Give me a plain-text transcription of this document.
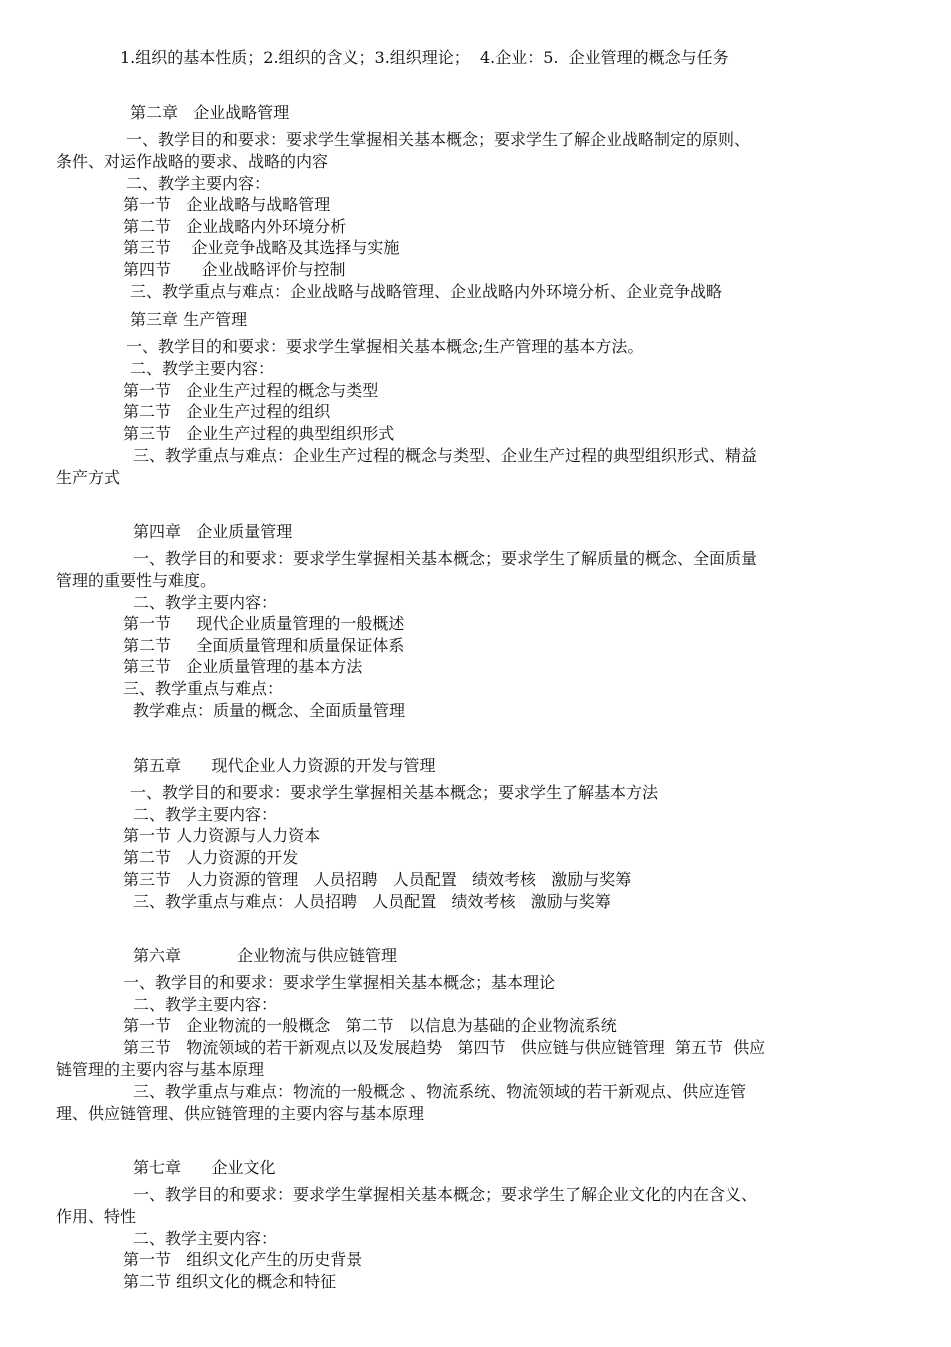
1.组织的基本性质；2.组织的含义；3.组织理论；  4.企业：5.  企业管理的概念与任务
第二章   企业战略管理
一、教学目的和要求：要求学生掌握相关基本概念；要求学生了解企业战略制定的原则、
条件、对运作战略的要求、战略的内容
二、教学主要内容：
第一节   企业战略与战略管理
第二节   企业战略内外环境分析
第三节    企业竞争战略及其选择与实施
第四节      企业战略评价与控制
三、教学重点与难点：企业战略与战略管理、企业战略内外环境分析、企业竞争战略
第三章 生产管理
一、教学目的和要求：要求学生掌握相关基本概念;生产管理的基本方法。
二、教学主要内容：
第一节   企业生产过程的概念与类型
第二节   企业生产过程的组织
第三节   企业生产过程的典型组织形式
三、教学重点与难点：企业生产过程的概念与类型、企业生产过程的典型组织形式、精益
生产方式
第四章   企业质量管理
一、教学目的和要求：要求学生掌握相关基本概念；要求学生了解质量的概念、全面质量
管理的重要性与难度。
二、教学主要内容：
第一节     现代企业质量管理的一般概述
第二节     全面质量管理和质量保证体系
第三节   企业质量管理的基本方法
三、教学重点与难点：
教学难点：质量的概念、全面质量管理
第五章      现代企业人力资源的开发与管理
一、教学目的和要求：要求学生掌握相关基本概念；要求学生了解基本方法
二、教学主要内容：
第一节 人力资源与人力资本
第二节   人力资源的开发
第三节   人力资源的管理   人员招聘   人员配置   绩效考核   激励与奖筹
三、教学重点与难点：人员招聘   人员配置   绩效考核   激励与奖筹
第六章           企业物流与供应链管理
一、教学目的和要求：要求学生掌握相关基本概念；基本理论
二、教学主要内容：
第一节   企业物流的一般概念   第二节   以信息为基础的企业物流系统
第三节   物流领域的若干新观点以及发展趋势   第四节   供应链与供应链管理  第五节  供应
链管理的主要内容与基本原理
三、教学重点与难点：物流的一般概念 、物流系统、物流领域的若干新观点、供应连管
理、供应链管理、供应链管理的主要内容与基本原理
第七章      企业文化
一、教学目的和要求：要求学生掌握相关基本概念；要求学生了解企业文化的内在含义、
作用、特性
二、教学主要内容：
第一节   组织文化产生的历史背景
第二节 组织文化的概念和特征
